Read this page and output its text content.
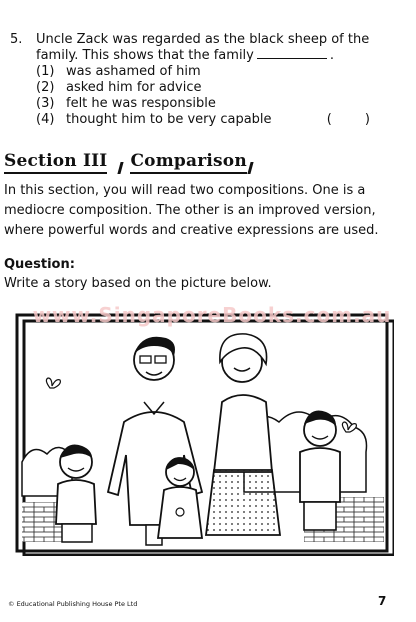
5.	Uncle Zack was regarded as the black sheep of the
family. This shows that the family	.
(1) was ashamed of him
(2) asked him for advice
(3) felt he was responsible
(4) thought him to be very capable	(        )
Section III Comparison
In this section, you will read two compositions. One is a
mediocre composition. The other is an improved version,
where powerful words and creative expressions are used.
Question:
Write a story based on the picture below.
www.SingaporeBooks.com.au
© Educational Publishing House Pte Ltd	7
